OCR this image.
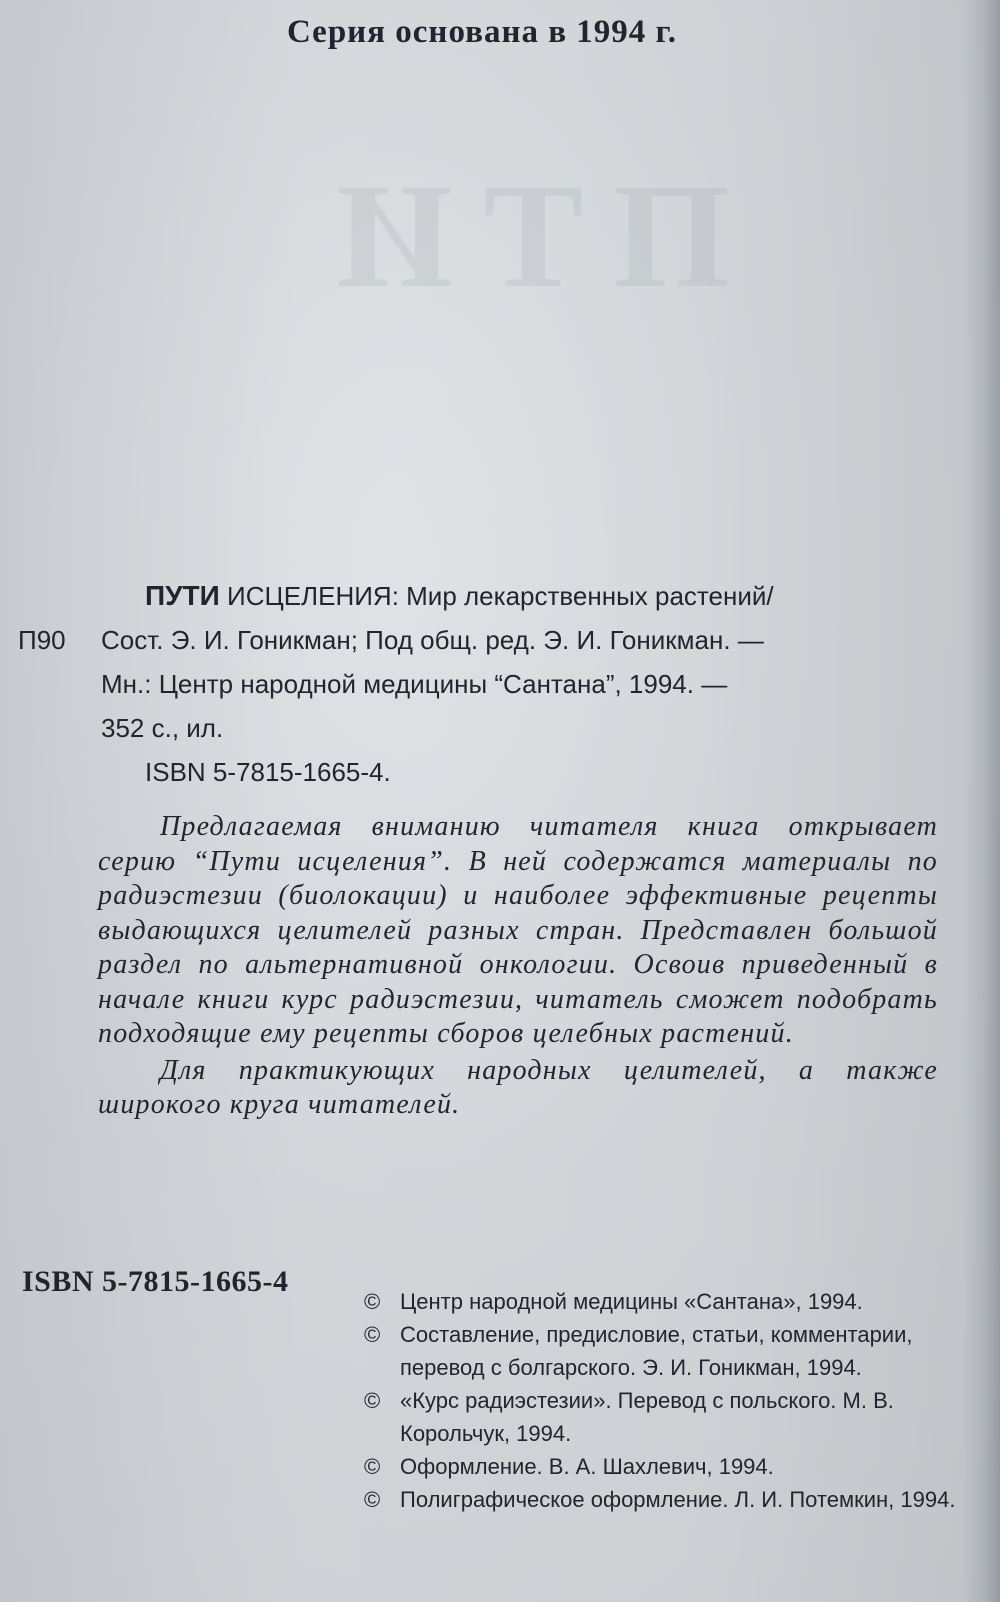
ПТИ
Серия основана в 1994 г.
ПУТИ ИСЦЕЛЕНИЯ: Мир лекарственных растений/
П90 Сост. Э. И. Гоникман; Под общ. ред. Э. И. Гоникман. —
Мн.: Центр народной медицины “Сантана”, 1994. —
352 с., ил.
ISBN 5-7815-1665-4.

Предлагаемая вниманию читателя книга открывает серию “Пути исцеления”. В ней содержатся материалы по радиэстезии (биолокации) и наиболее эффективные рецепты выдающихся целителей разных стран. Представлен большой раздел по альтернативной онкологии. Освоив приведенный в начале книги курс радиэстезии, читатель сможет подобрать подходящие ему рецепты сборов целебных растений.

Для практикующих народных целителей, а также широкого круга читателей.

ISBN 5-7815-1665-4
© Центр народной медицины «Сантана», 1994.
© Составление, предисловие, статьи, комментарии, перевод с болгарского. Э. И. Гоникман, 1994.
© «Курс радиэстезии». Перевод с польского. М. В. Корольчук, 1994.
© Оформление. В. А. Шахлевич, 1994.
© Полиграфическое оформление. Л. И. Потемкин, 1994.
